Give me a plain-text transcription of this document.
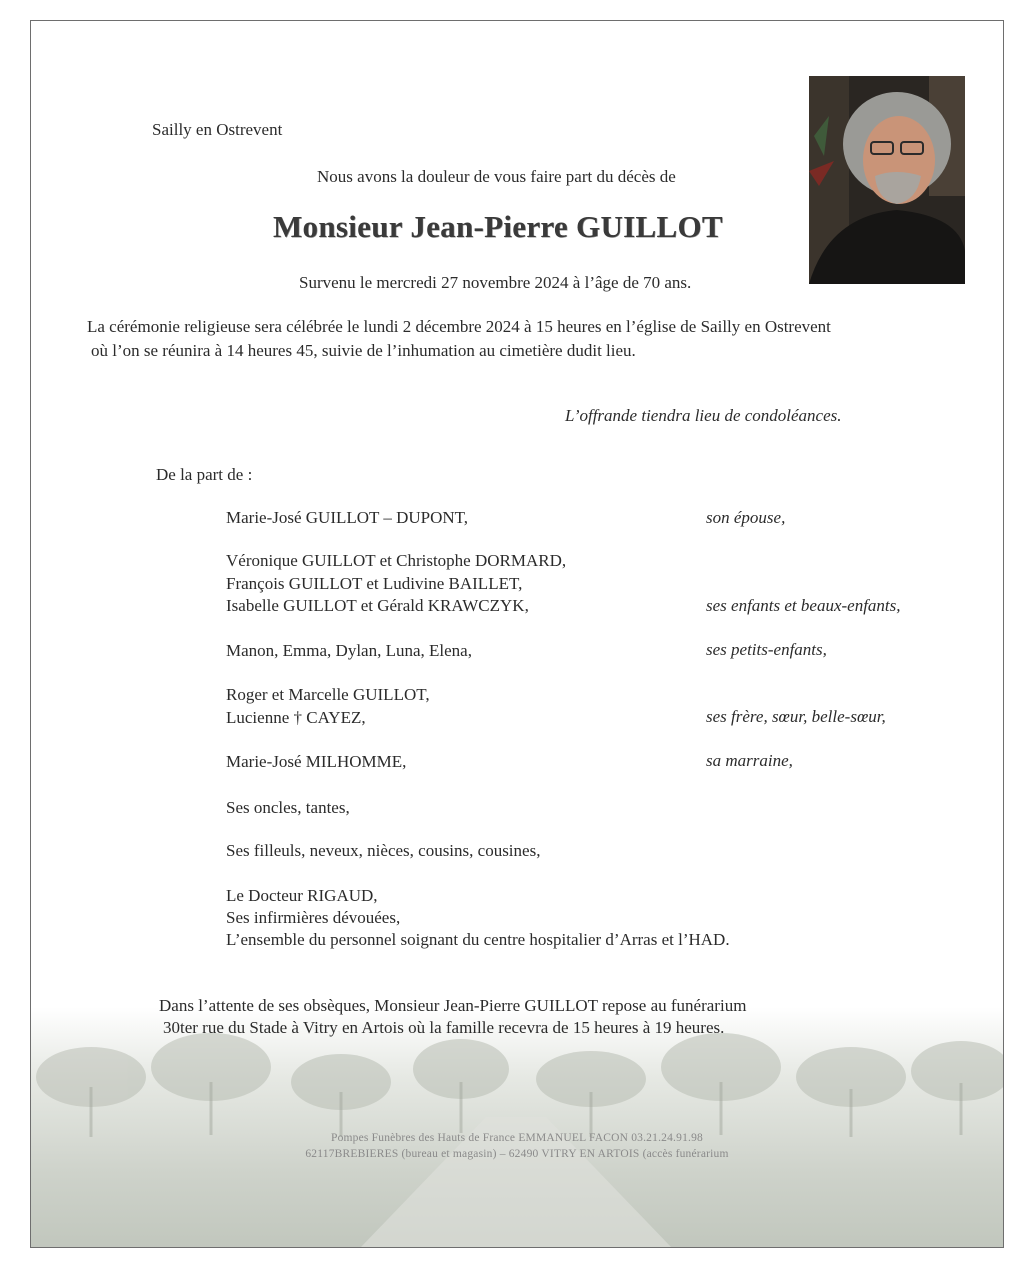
Sailly en Ostrevent
Nous avons la douleur de vous faire part du décès de
Monsieur Jean-Pierre GUILLOT
Survenu le mercredi 27 novembre 2024 à l’âge de 70 ans.
La cérémonie religieuse sera célébrée le lundi 2 décembre 2024 à 15 heures en l’église de Sailly en Ostrevent
où l’on se réunira à 14 heures 45, suivie de l’inhumation au cimetière dudit lieu.
L’offrande tiendra lieu de condoléances.
De la part de :
Marie-José GUILLOT – DUPONT,	son épouse,
Véronique GUILLOT et Christophe DORMARD,
François GUILLOT et Ludivine BAILLET,
Isabelle GUILLOT et Gérald KRAWCZYK,	ses enfants et beaux-enfants,
Manon, Emma, Dylan, Luna, Elena,	ses petits-enfants,
Roger et Marcelle GUILLOT,
Lucienne † CAYEZ,	ses frère, sœur, belle-sœur,
Marie-José MILHOMME,	sa marraine,
Ses oncles, tantes,
Ses filleuls, neveux, nièces, cousins, cousines,
Le Docteur RIGAUD,
Ses infirmières dévouées,
L’ensemble du personnel soignant du centre hospitalier d’Arras et l’HAD.
Dans l’attente de ses obsèques, Monsieur Jean-Pierre GUILLOT repose au funérarium
30ter rue du Stade à Vitry en Artois où la famille recevra de 15 heures à 19 heures.
Pompes Funèbres des Hauts de France EMMANUEL FACON 03.21.24.91.98
62117BREBIERES (bureau et magasin) – 62490 VITRY EN ARTOIS (accès funérarium
